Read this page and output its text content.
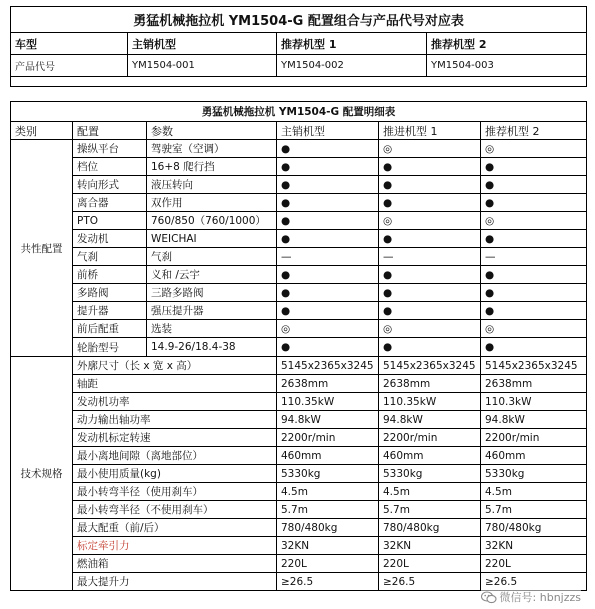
勇猛机械拖拉机 YM1504-G 配置组合与产品代号对应表			
车型	主销机型	推荐机型 1	推荐机型 2
产品代号	YM1504-001	YM1504-002	YM1504-003

勇猛机械拖拉机 YM1504-G 配置明细表					
类别	配置	参数	主销机型	推进机型 1	推荐机型 2
共性配置	操纵平台	驾驶室（空调）	●	◎	◎
	档位	16+8 爬行挡	●	●	●
	转向形式	液压转向	●	●	●
	离合器	双作用	●	●	●
	PTO	760/850（760/1000）	●	◎	◎
	发动机	WEICHAI	●	●	●
	气刹	气刹	—	—	—
	前桥	义和 /云宇	●	●	●
	多路阀	三路多路阀	●	●	●
	提升器	强压提升器	●	●	●
	前后配重	选装	◎	◎	◎
	轮胎型号	14.9-26/18.4-38	●	●	●
技术规格	外廓尺寸（长 x 宽 x 高）		5145x2365x3245	5145x2365x3245	5145x2365x3245
	轴距		2638mm	2638mm	2638mm
	发动机功率		110.35kW	110.35kW	110.3kW
	动力输出轴功率		94.8kW	94.8kW	94.8kW
	发动机标定转速		2200r/min	2200r/min	2200r/min
	最小离地间隙（离地部位）		460mm	460mm	460mm
	最小使用质量(kg)		5330kg	5330kg	5330kg
	最小转弯半径（使用刹车）		4.5m	4.5m	4.5m
	最小转弯半径（不使用刹车）		5.7m	5.7m	5.7m
	最大配重（前/后）		780/480kg	780/480kg	780/480kg
	标定牵引力		32KN	32KN	32KN
	燃油箱		220L	220L	220L
	最大提升力		≥26.5	≥26.5	≥26.5
微信号: hbnjzzs
